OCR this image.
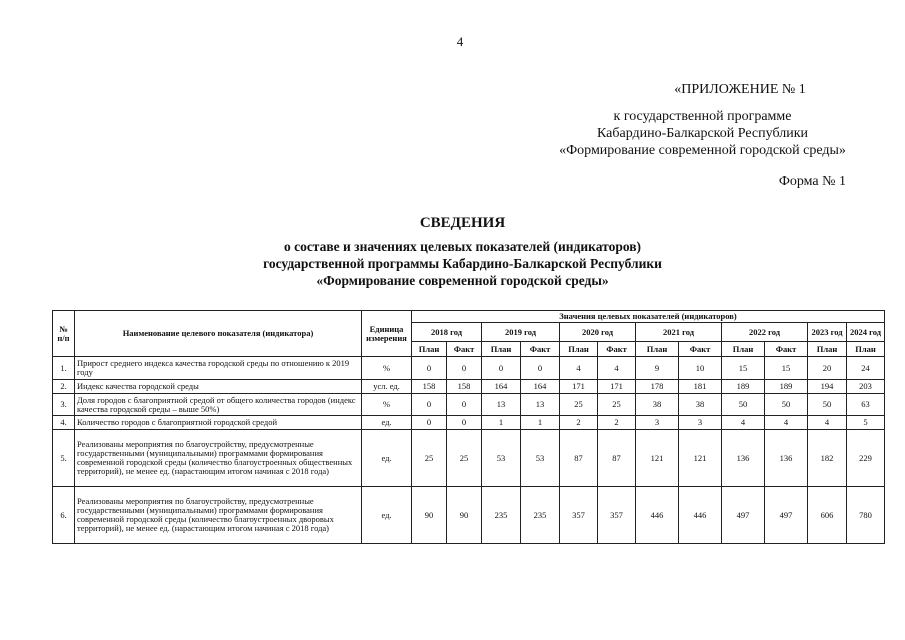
4
«ПРИЛОЖЕНИЕ № 1
к государственной программе
Кабардино-Балкарской Республики
«Формирование современной городской среды»
Форма № 1
СВЕДЕНИЯ
о составе и значениях целевых показателей (индикаторов)
государственной программы Кабардино-Балкарской Республики
«Формирование современной городской среды»
№ п/п	Наименование целевого показателя (индикатора)	Единица измерения	Значения целевых показателей (индикаторов)											
			2018 год		2019 год		2020 год		2021 год		2022 год		2023 год	2024 год
			План	Факт	План	Факт	План	Факт	План	Факт	План	Факт	План	План
1.	Прирост среднего индекса качества городской среды по отношению к 2019 году	%	0	0	0	0	4	4	9	10	15	15	20	24
2.	Индекс качества городской среды	усл. ед.	158	158	164	164	171	171	178	181	189	189	194	203
3.	Доля городов с благоприятной средой от общего количества городов (индекс качества городской среды – выше 50%)	%	0	0	13	13	25	25	38	38	50	50	50	63
4.	Количество городов с благоприятной городской средой	ед.	0	0	1	1	2	2	3	3	4	4	4	5
5.	Реализованы мероприятия по благоустройству, предусмотренные государственными (муниципальными) программами формирования современной городской среды (количество благоустроенных общественных территорий), не менее ед. (нарастающим итогом начиная с 2018 года)	ед.	25	25	53	53	87	87	121	121	136	136	182	229
6.	Реализованы мероприятия по благоустройству, предусмотренные государственными (муниципальными) программами формирования современной городской среды (количество благоустроенных дворовых территорий), не менее ед. (нарастающим итогом начиная с 2018 года)	ед.	90	90	235	235	357	357	446	446	497	497	606	780
